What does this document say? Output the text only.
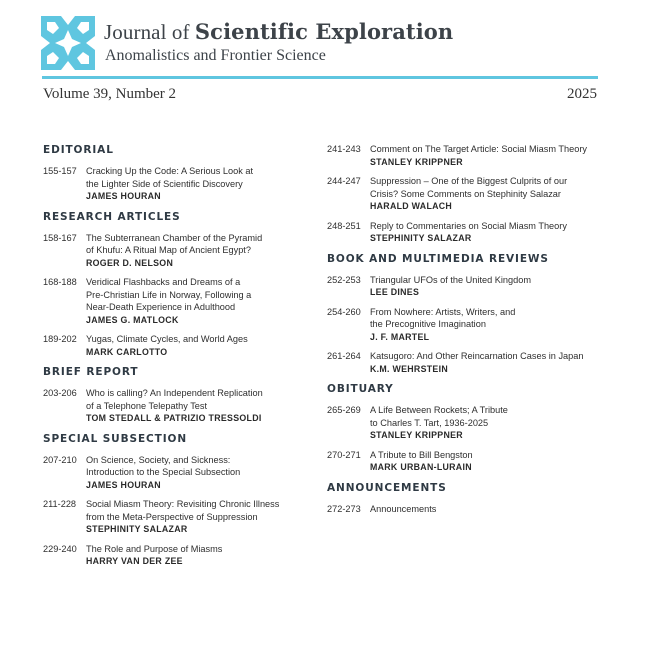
Journal of Scientific Exploration
Anomalistics and Frontier Science
Volume 39, Number 2	2025
EDITORIAL
155-157	Cracking Up the Code: A Serious Look at
the Lighter Side of Scientific Discovery
JAMES HOURAN
RESEARCH ARTICLES
158-167	The Subterranean Chamber of the Pyramid
of Khufu: A Ritual Map of Ancient Egypt?
ROGER D. NELSON
168-188	Veridical Flashbacks and Dreams of a
Pre-Christian Life in Norway, Following a
Near-Death Experience in Adulthood
JAMES G. MATLOCK
189-202	Yugas, Climate Cycles, and World Ages
MARK CARLOTTO
BRIEF REPORT
203-206	Who is calling? An Independent Replication
of a Telephone Telepathy Test
TOM STEDALL & PATRIZIO TRESSOLDI
SPECIAL SUBSECTION
207-210	On Science, Society, and Sickness:
Introduction to the Special Subsection
JAMES HOURAN
211-228	Social Miasm Theory: Revisiting Chronic Illness
from the Meta-Perspective of Suppression
STEPHINITY SALAZAR
229-240	The Role and Purpose of Miasms
HARRY VAN DER ZEE
241-243	Comment on The Target Article: Social Miasm Theory
STANLEY KRIPPNER
244-247	Suppression – One of the Biggest Culprits of our
Crisis? Some Comments on Stephinity Salazar
HARALD WALACH
248-251	Reply to Commentaries on Social Miasm Theory
STEPHINITY SALAZAR
BOOK AND MULTIMEDIA REVIEWS
252-253	Triangular UFOs of the United Kingdom
LEE DINES
254-260	From Nowhere: Artists, Writers, and
the Precognitive Imagination
J. F. MARTEL
261-264	Katsugoro: And Other Reincarnation Cases in Japan
K.M. WEHRSTEIN
OBITUARY
265-269	A Life Between Rockets; A Tribute
to Charles T. Tart, 1936-2025
STANLEY KRIPPNER
270-271	A Tribute to Bill Bengston
MARK URBAN-LURAIN
ANNOUNCEMENTS
272-273	Announcements
